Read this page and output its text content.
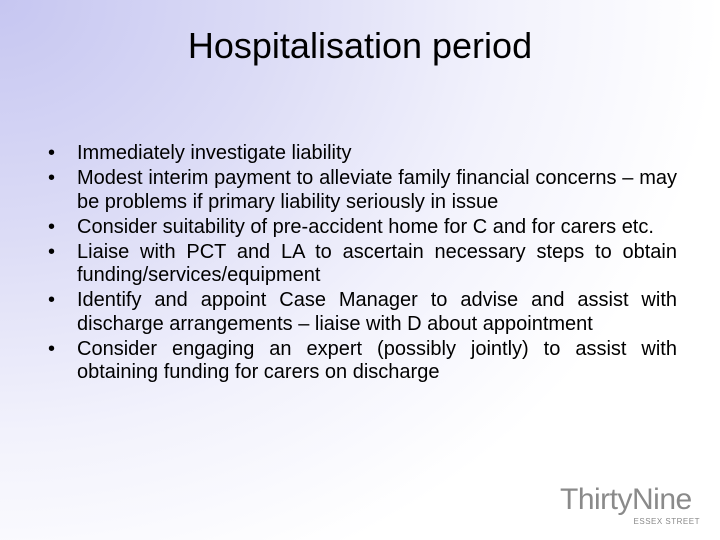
Hospitalisation period
•	Immediately investigate liability
•	Modest interim payment to alleviate family financial concerns – may be problems if primary liability seriously in issue
•	Consider suitability of pre-accident home for C and for carers etc.
•	Liaise with PCT and LA to ascertain necessary steps to obtain funding/services/equipment
•	Identify and appoint Case Manager to advise and assist with discharge arrangements – liaise with D about appointment
•	Consider engaging an expert (possibly jointly) to assist with obtaining funding for carers on discharge
ThirtyNine
ESSEX STREET
